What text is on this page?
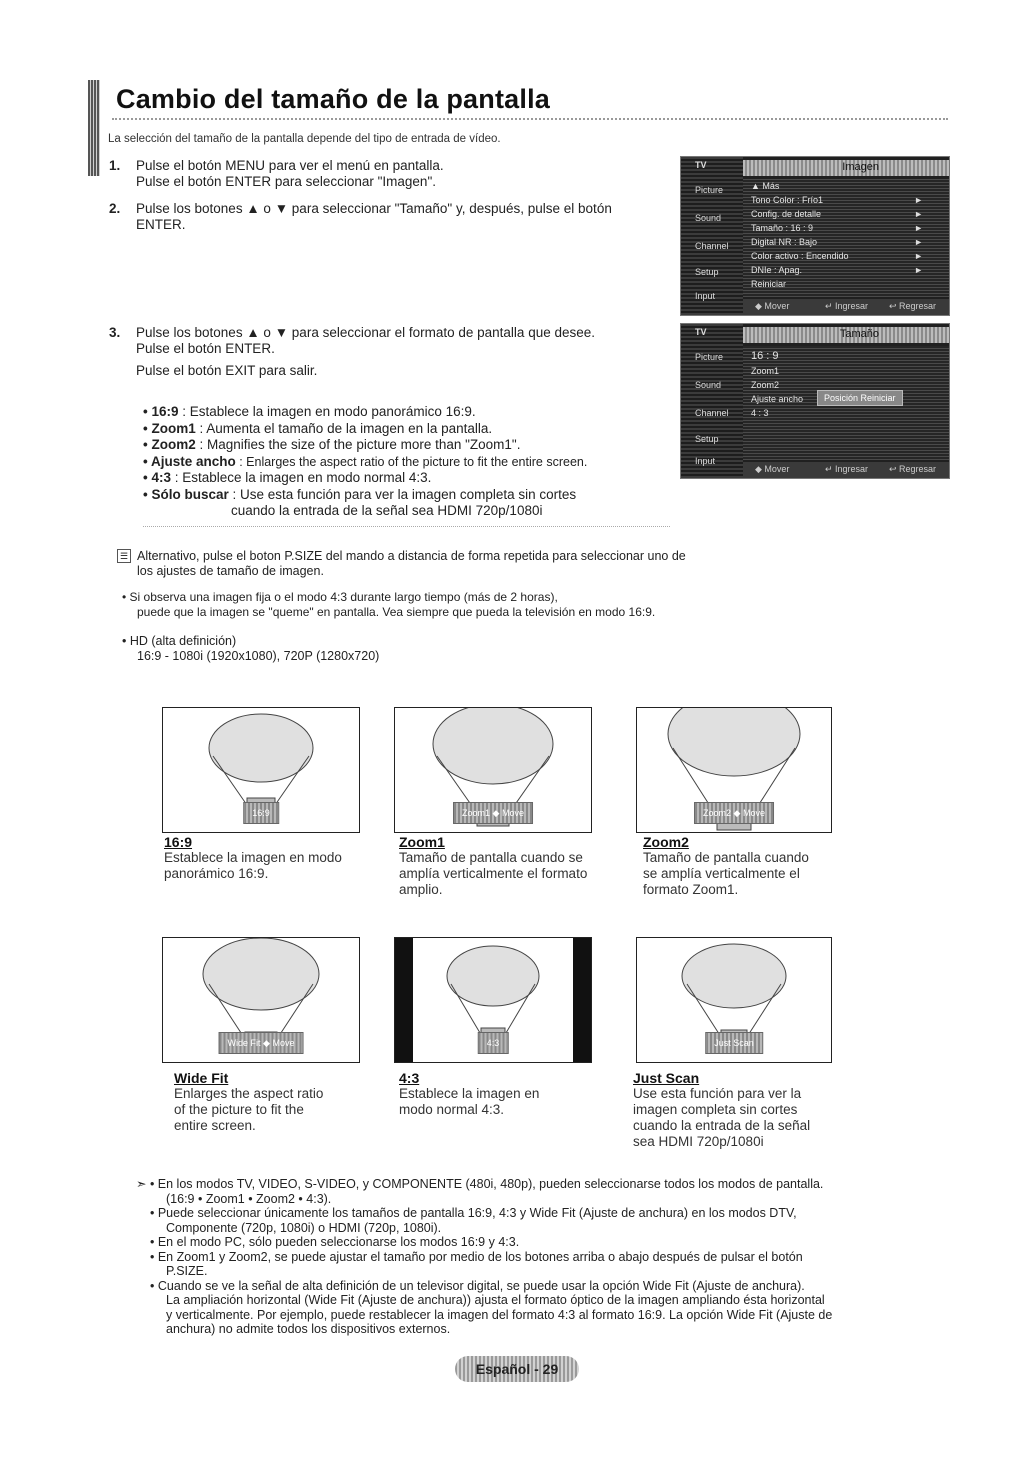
Cambio del tamaño de la pantalla
La selección del tamaño de la pantalla depende del tipo de entrada de vídeo.
1. Pulse el botón MENU para ver el menú en pantalla.
Pulse el botón ENTER para seleccionar "Imagen".
2. Pulse los botones ▲ o ▼ para seleccionar "Tamaño" y, después, pulse el botón
ENTER.
3. Pulse los botones ▲ o ▼ para seleccionar el formato de pantalla que desee.
Pulse el botón ENTER.
Pulse el botón EXIT para salir.
• 16:9 : Establece la imagen en modo panorámico 16:9.
• Zoom1 : Aumenta el tamaño de la imagen en la pantalla.
• Zoom2 : Magnifies the size of the picture more than "Zoom1".
• Ajuste ancho : Enlarges the aspect ratio of the picture to fit the entire screen.
• 4:3 : Establece la imagen en modo normal 4:3.
• Sólo buscar : Use esta función para ver la imagen completa sin cortes
cuando la entrada de la señal sea HDMI 720p/1080i
TV
Picture
Sound
Channel
Setup
Input
Imagen
▲ Más
Tono Color : Frío1
Config. de detalle
Tamaño : 16 : 9
Digital NR : Bajo
Color activo : Encendido
DNIe : Apag.
Reiniciar
►
►
►
►
►
►
◆ Mover	↵ Ingresar ↩ Regresar
TV
Picture
Sound
Channel
Setup
Input
Tamaño
16 : 9
Zoom1
Zoom2
Ajuste ancho
4 : 3
Posición Reiniciar
◆ Mover	↵ Ingresar ↩ Regresar
☰ Alternativo, pulse el boton P.SIZE del mando a distancia de forma repetida para seleccionar uno de los ajustes de tamaño de imagen.
• Si observa una imagen fija o el modo 4:3 durante largo tiempo (más de 2 horas),
puede que la imagen se "queme" en pantalla. Vea siempre que pueda la televisión en modo 16:9.
• HD (alta definición)
16:9 - 1080i (1920x1080), 720P (1280x720)
16:9	Zoom1 ◆ Move	Zoom2 ◆ Move
16:9
Establece la imagen en modo
panorámico 16:9.
Zoom1
Tamaño de pantalla cuando se
amplía verticalmente el formato
amplio.
Zoom2
Tamaño de pantalla cuando
se amplía verticalmente el
formato Zoom1.
Wide Fit ◆ Move	4:3	Just Scan
Wide Fit
Enlarges the aspect ratio
of the picture to fit the
entire screen.
4:3
Establece la imagen en
modo normal 4:3.
Just Scan
Use esta función para ver la
imagen completa sin cortes
cuando la entrada de la señal
sea HDMI 720p/1080i
➣ • En los modos TV, VIDEO, S-VIDEO, y COMPONENTE (480i, 480p), pueden seleccionarse todos los modos de pantalla.
(16:9 • Zoom1 • Zoom2 • 4:3).
• Puede seleccionar únicamente los tamaños de pantalla 16:9, 4:3 y Wide Fit (Ajuste de anchura) en los modos DTV,
Componente (720p, 1080i) o HDMI (720p, 1080i).
• En el modo PC, sólo pueden seleccionarse los modos 16:9 y 4:3.
• En Zoom1 y Zoom2, se puede ajustar el tamaño por medio de los botones arriba o abajo después de pulsar el botón
P.SIZE.
• Cuando se ve la señal de alta definición de un televisor digital, se puede usar la opción Wide Fit (Ajuste de anchura).
La ampliación horizontal (Wide Fit (Ajuste de anchura)) ajusta el formato óptico de la imagen ampliando ésta horizontal
y verticalmente. Por ejemplo, puede restablecer la imagen del formato 4:3 al formato 16:9. La opción Wide Fit (Ajuste de
anchura) no admite todos los dispositivos externos.
Español - 29
